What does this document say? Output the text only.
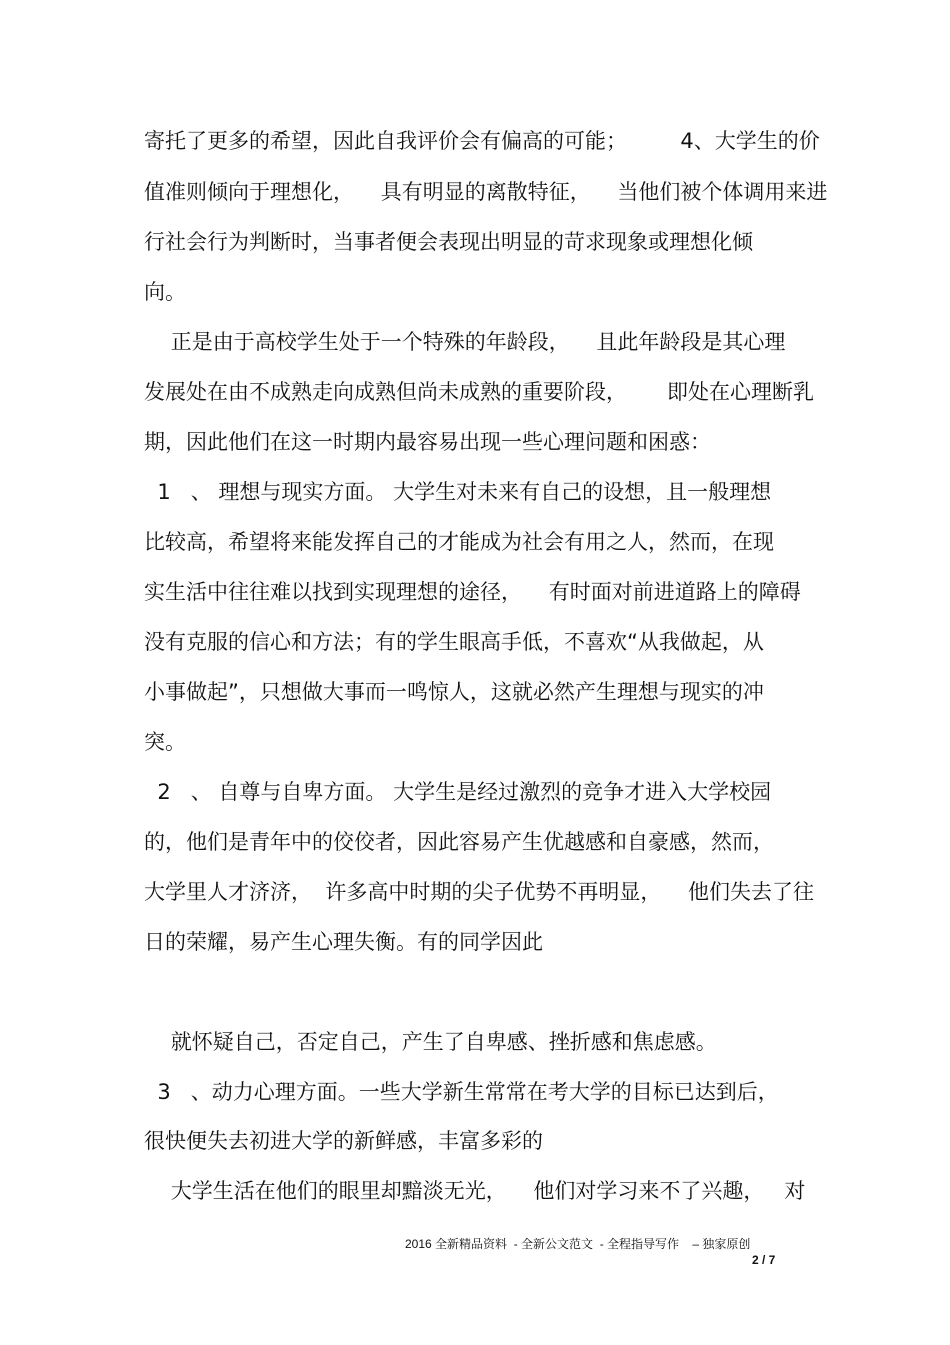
寄托了更多的希望，因此自我评价会有偏高的可能；        4、大学生的价
值准则倾向于理想化，    具有明显的离散特征，    当他们被个体调用来进
行社会行为判断时，当事者便会表现出明显的苛求现象或理想化倾
向。
正是由于高校学生处于一个特殊的年龄段，    且此年龄段是其心理
发展处在由不成熟走向成熟但尚未成熟的重要阶段，      即处在心理断乳
期，因此他们在这一时期内最容易出现一些心理问题和困惑：
1   、 理想与现实方面。 大学生对未来有自己的设想，且一般理想
比较高，希望将来能发挥自己的才能成为社会有用之人，然而，在现
实生活中往往难以找到实现理想的途径，    有时面对前进道路上的障碍
没有克服的信心和方法；有的学生眼高手低，不喜欢“从我做起，从
小事做起”，只想做大事而一鸣惊人，这就必然产生理想与现实的冲
突。
2   、 自尊与自卑方面。 大学生是经过激烈的竞争才进入大学校园
的，他们是青年中的佼佼者，因此容易产生优越感和自豪感，然而，
大学里人才济济，  许多高中时期的尖子优势不再明显，    他们失去了往
日的荣耀，易产生心理失衡。有的同学因此
就怀疑自己，否定自己，产生了自卑感、挫折感和焦虑感。
3   、动力心理方面。一些大学新生常常在考大学的目标已达到后，
很快便失去初进大学的新鲜感，丰富多彩的
大学生活在他们的眼里却黯淡无光，    他们对学习来不了兴趣，   对
2016 全新精品资料  - 全新公文范文  - 全程指导写作    – 独家原创
2 / 7
